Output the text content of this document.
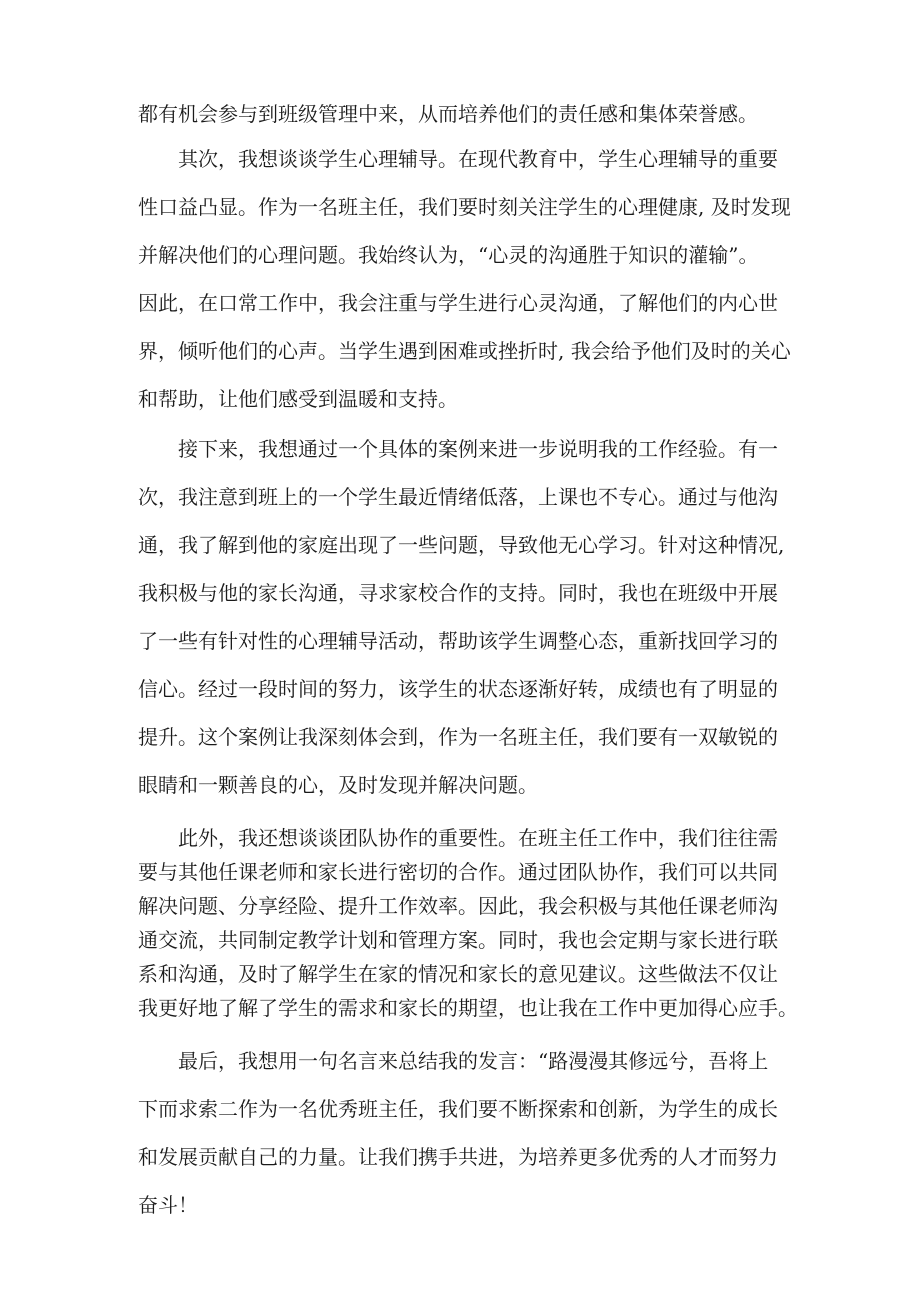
都有机会参与到班级管理中来，从而培养他们的责任感和集体荣誉感。
其次，我想谈谈学生心理辅导。在现代教育中，学生心理辅导的重要
性口益凸显。作为一名班主任，我们要时刻关注学生的心理健康, 及时发现
并解决他们的心理问题。我始终认为，“心灵的沟通胜于知识的灌输”。
因此，在口常工作中，我会注重与学生进行心灵沟通，了解他们的内心世
界，倾听他们的心声。当学生遇到困难或挫折时, 我会给予他们及时的关心
和帮助，让他们感受到温暖和支持。
接下来，我想通过一个具体的案例来进一步说明我的工作经验。有一
次，我注意到班上的一个学生最近情绪低落，上课也不专心。通过与他沟
通，我了解到他的家庭出现了一些问题，导致他无心学习。针对这种情况,
我积极与他的家长沟通，寻求家校合作的支持。同时，我也在班级中开展
了一些有针对性的心理辅导活动，帮助该学生调整心态，重新找回学习的
信心。经过一段时间的努力，该学生的状态逐渐好转，成绩也有了明显的
提升。这个案例让我深刻体会到，作为一名班主任，我们要有一双敏锐的
眼睛和一颗善良的心，及时发现并解决问题。
此外，我还想谈谈团队协作的重要性。在班主任工作中，我们往往需
要与其他任课老师和家长进行密切的合作。通过团队协作，我们可以共同
解决问题、分享经险、提升工作效率。因此，我会积极与其他任课老师沟
通交流，共同制定教学计划和管理方案。同时，我也会定期与家长进行联
系和沟通，及时了解学生在家的情况和家长的意见建议。这些做法不仅让
我更好地了解了学生的需求和家长的期望，也让我在工作中更加得心应手。
最后，我想用一句名言来总结我的发言：“路漫漫其修远兮，吾将上
下而求索二作为一名优秀班主任，我们要不断探索和创新，为学生的成长
和发展贡献自己的力量。让我们携手共进，为培养更多优秀的人才而努力
奋斗！
